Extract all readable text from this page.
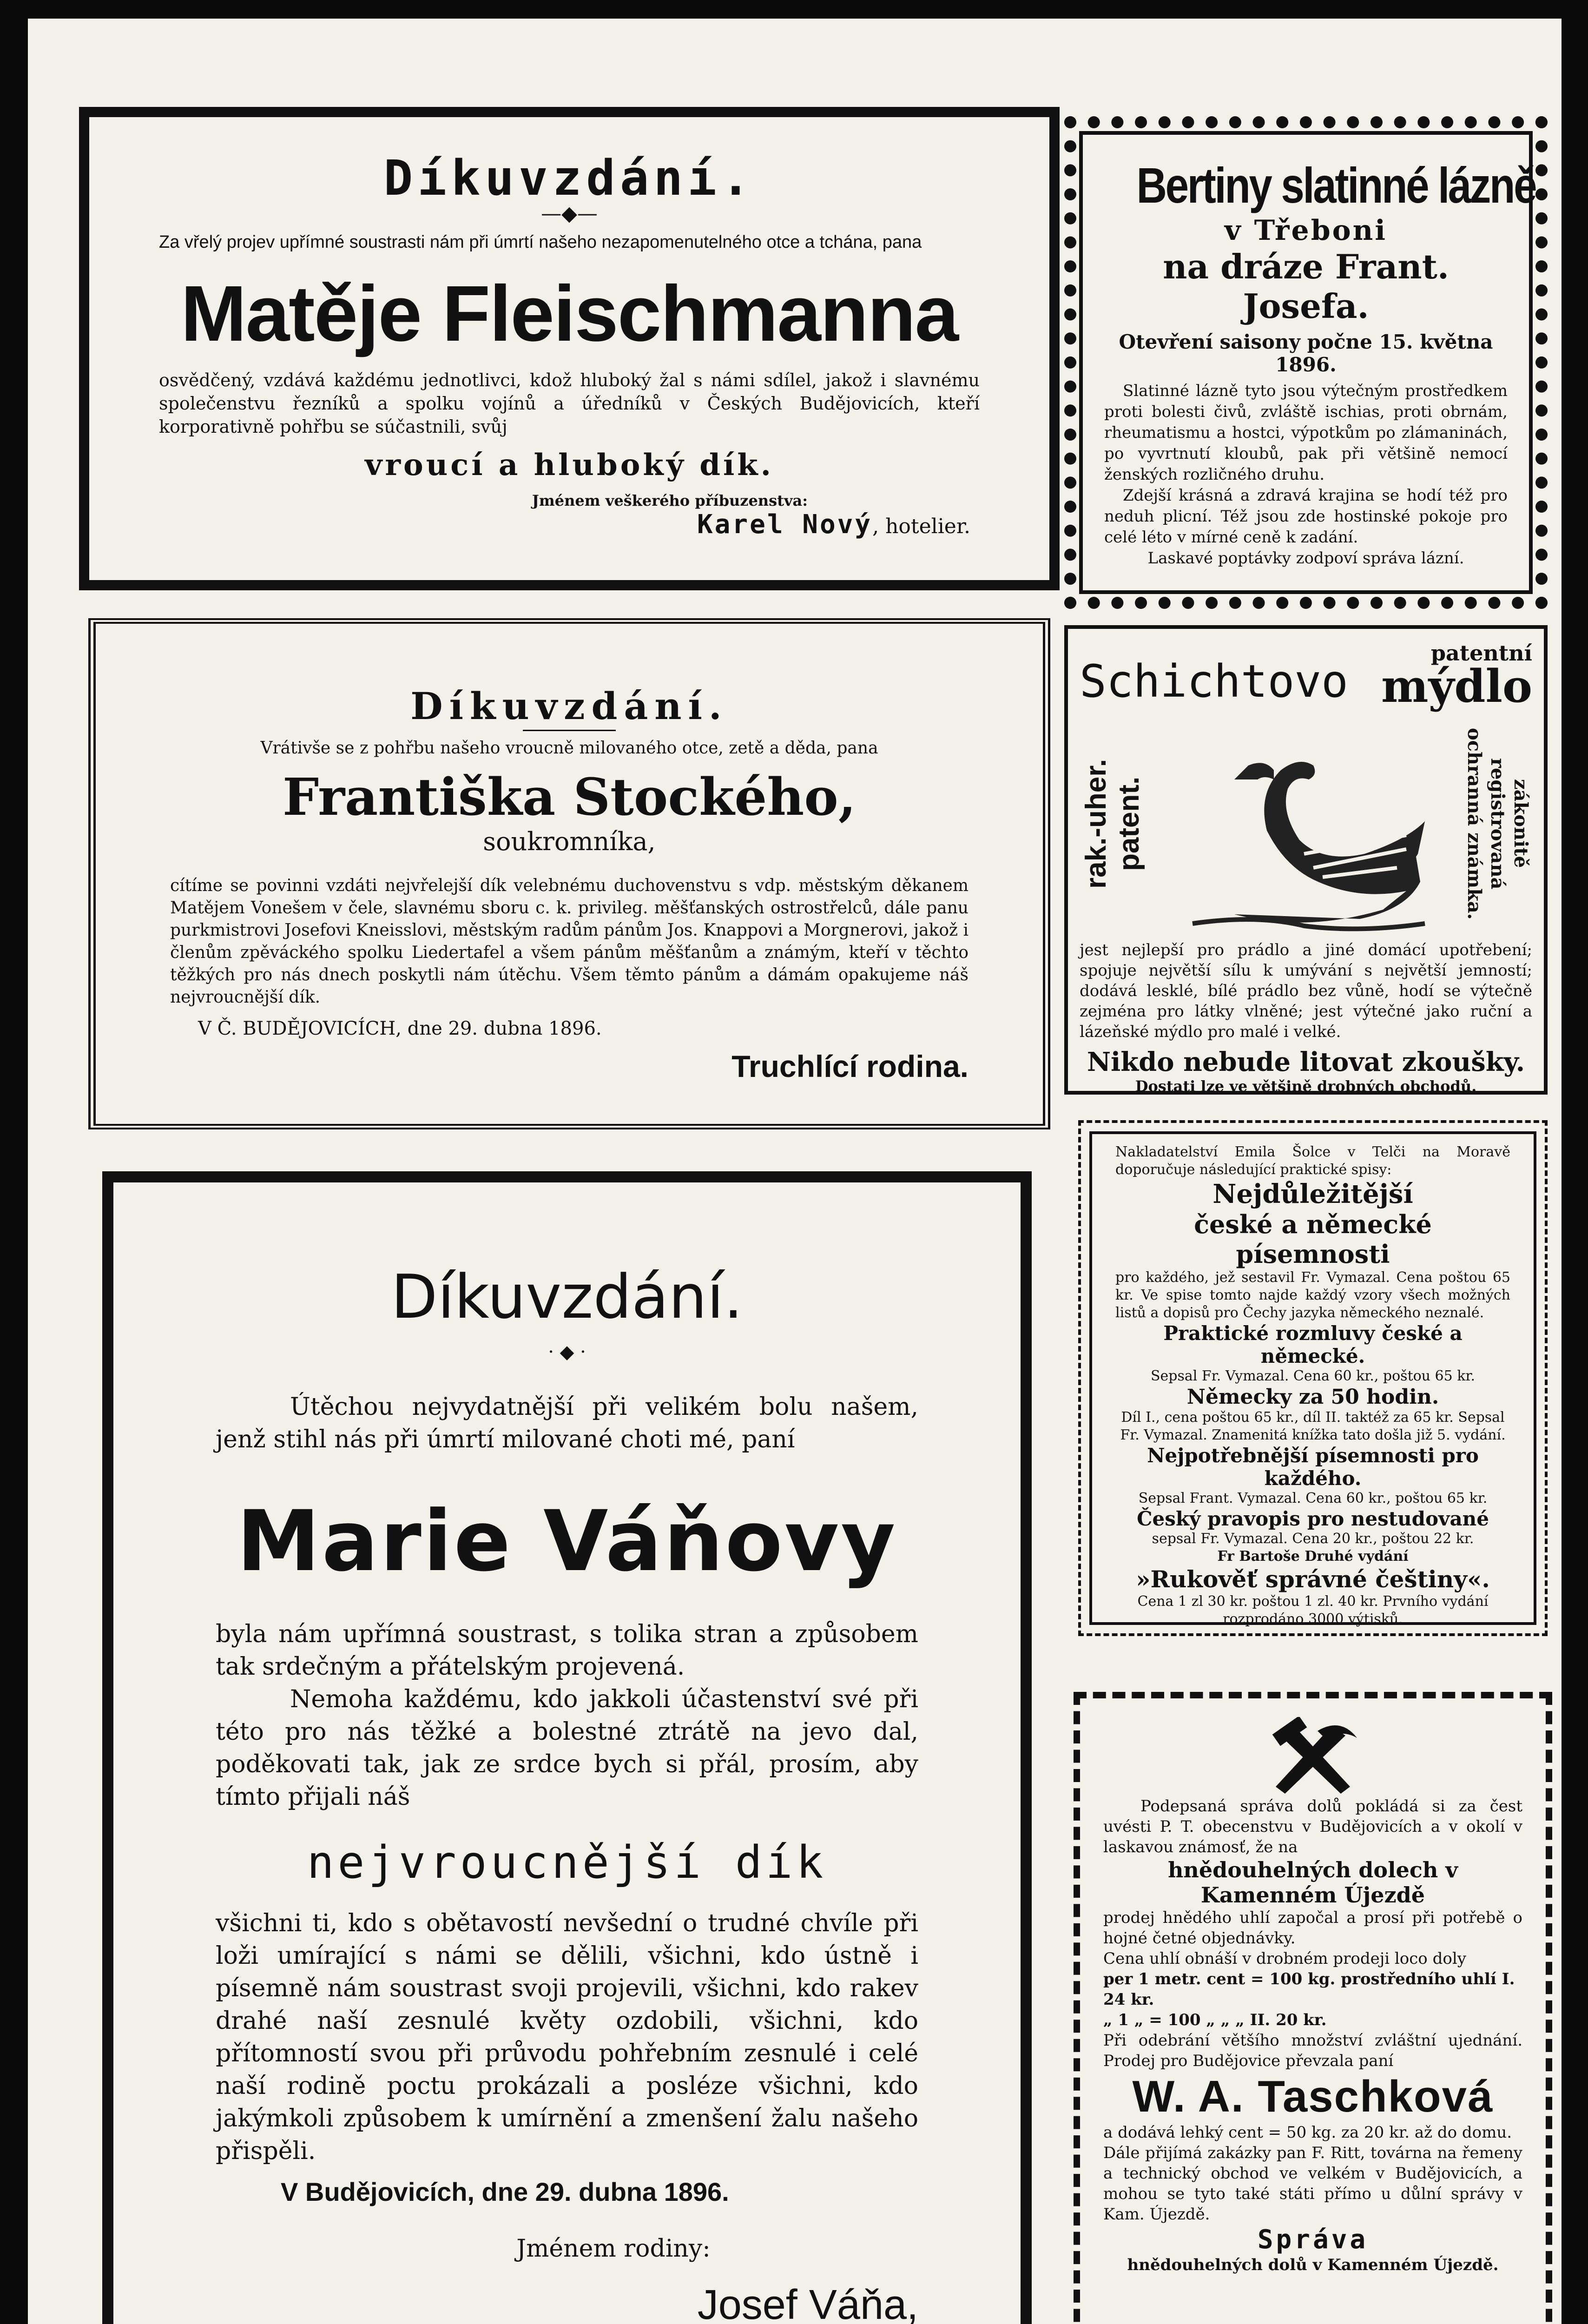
Díkuvzdání.
—◆—

Za vřelý projev upřímné soustrasti nám při úmrtí našeho nezapomenutelného otce a tchána, pana

Matěje Fleischmanna

osvědčený, vzdává každému jednotlivci, kdož hluboký žal s námi sdílel, jakož i slavnému společenstvu řezníků a spolku vojínů a úředníků v Českých Budějovicích, kteří korporativně pohřbu se súčastnili, svůj

vroucí a hluboký dík.
Jménem veškerého příbuzenstva:
Karel Nový, hotelier.
Díkuvzdání.

Vrátivše se z pohřbu našeho vroucně milovaného otce, zetě a děda, pana

Františka Stockého,
soukromníka,

cítíme se povinni vzdáti nejvřelejší dík velebnému duchovenstvu s vdp. městským děkanem Matějem Vonešem v čele, slavnému sboru c. k. privileg. měšťanských ostrostřelců, dále panu purkmistrovi Josefovi Kneisslovi, městským radům pánům Jos. Knappovi a Morgnerovi, jakož i členům zpěváckého spolku Liedertafel a všem pánům měšťanům a známým, kteří v těchto těžkých pro nás dnech poskytli nám útěchu. Všem těmto pánům a dámám opakujeme náš nejvroucnější dík.

V Č. BUDĚJOVICÍCH, dne 29. dubna 1896.
Truchlící rodina.
Díkuvzdání.
· ◆ ·

Útěchou nejvydatnější při velikém bolu našem, jenž stihl nás při úmrtí milované choti mé, paní

Marie Váňovy

byla nám upřímná soustrast, s tolika stran a způsobem tak srdečným a přátelským projevená.

Nemoha každému, kdo jakkoli účastenství své při této pro nás těžké a bolestné ztrátě na jevo dal, poděkovati tak, jak ze srdce bych si přál, prosím, aby tímto přijali náš

nejvroucnější dík

všichni ti, kdo s obětavostí nevšední o trudné chvíle při loži umírající s námi se dělili, všichni, kdo ústně i písemně nám soustrast svoji projevili, všichni, kdo rakev drahé naší zesnulé květy ozdobili, všichni, kdo přítomností svou při průvodu pohřebním zesnulé i celé naší rodině poctu prokázali a posléze všichni, kdo jakýmkoli způsobem k umírnění a zmenšení žalu našeho přispěli.

V Budějovicích, dne 29. dubna 1896.
Jménem rodiny:
Josef Váňa,
Bertiny slatinné lázně
v Třeboni
na dráze Frant. Josefa.
Otevření saisony počne 15. května 1896.

Slatinné lázně tyto jsou výtečným prostředkem proti bolesti čivů, zvláště ischias, proti obrnám, rheumatismu a hostci, výpotkům po zlámaninách, po vyvrtnutí kloubů, pak při většině nemocí ženských rozličného druhu.

Zdejší krásná a zdravá krajina se hodí též pro neduh plicní. Též jsou zde hostinské pokoje pro celé léto v mírné ceně k zadání.

Laskavé poptávky zodpoví správa lázní.

Schichtovo
patentní
mýdlo
rak.-uher. patent.	zákonitě registrovaná ochranná známka.

jest nejlepší pro prádlo a jiné domácí upotřebení; spojuje největší sílu k umývání s největší jemností; dodává lesklé, bílé prádlo bez vůně, hodí se výtečně zejména pro látky vlněné; jest výtečné jako ruční a lázeňské mýdlo pro malé i velké.

Nikdo nebude litovat zkoušky.
Dostati lze ve většině drobných obchodů.

Nakladatelství Emila Šolce v Telči na Moravě doporučuje následující praktické spisy:

Nejdůležitější
české a německé písemnosti

pro každého, jež sestavil Fr. Vymazal. Cena poštou 65 kr. Ve spise tomto najde každý vzory všech možných listů a dopisů pro Čechy jazyka německého neznalé.

Praktické rozmluvy české a německé.

Sepsal Fr. Vymazal. Cena 60 kr., poštou 65 kr.

Německy za 50 hodin.

Díl I., cena poštou 65 kr., díl II. taktéž za 65 kr. Sepsal Fr. Vymazal. Znamenitá knížka tato došla již 5. vydání.

Nejpotřebnější písemnosti pro každého.

Sepsal Frant. Vymazal. Cena 60 kr., poštou 65 kr.

Český pravopis pro nestudované

sepsal Fr. Vymazal. Cena 20 kr., poštou 22 kr.

Fr Bartoše Druhé vydání

»Rukověť správné češtiny«.

Cena 1 zl 30 kr. poštou 1 zl. 40 kr. Prvního vydání rozprodáno 3000 výtisků.

Podepsaná správa dolů pokládá si za čest uvésti P. T. obecenstvu v Budějovicích a v okolí v laskavou známosť, že na

hnědouhelných dolech v Kamenném Újezdě

prodej hnědého uhlí započal a prosí při potřebě o hojné četné objednávky.

Cena uhlí obnáší v drobném prodeji loco doly

per 1 metr. cent = 100 kg. prostředního uhlí I. 24 kr.

„ 1 „ = 100 „ „ „ II. 20 kr.

Při odebrání většího množství zvláštní ujednání. Prodej pro Budějovice převzala paní

W. A. Taschková

a dodává lehký cent = 50 kg. za 20 kr. až do domu.

Dále přijímá zakázky pan F. Ritt, továrna na řemeny a technický obchod ve velkém v Budějovicích, a mohou se tyto také státi přímo u důlní správy v Kam. Újezdě.

Správa
hnědouhelných dolů v Kamenném Újezdě.
